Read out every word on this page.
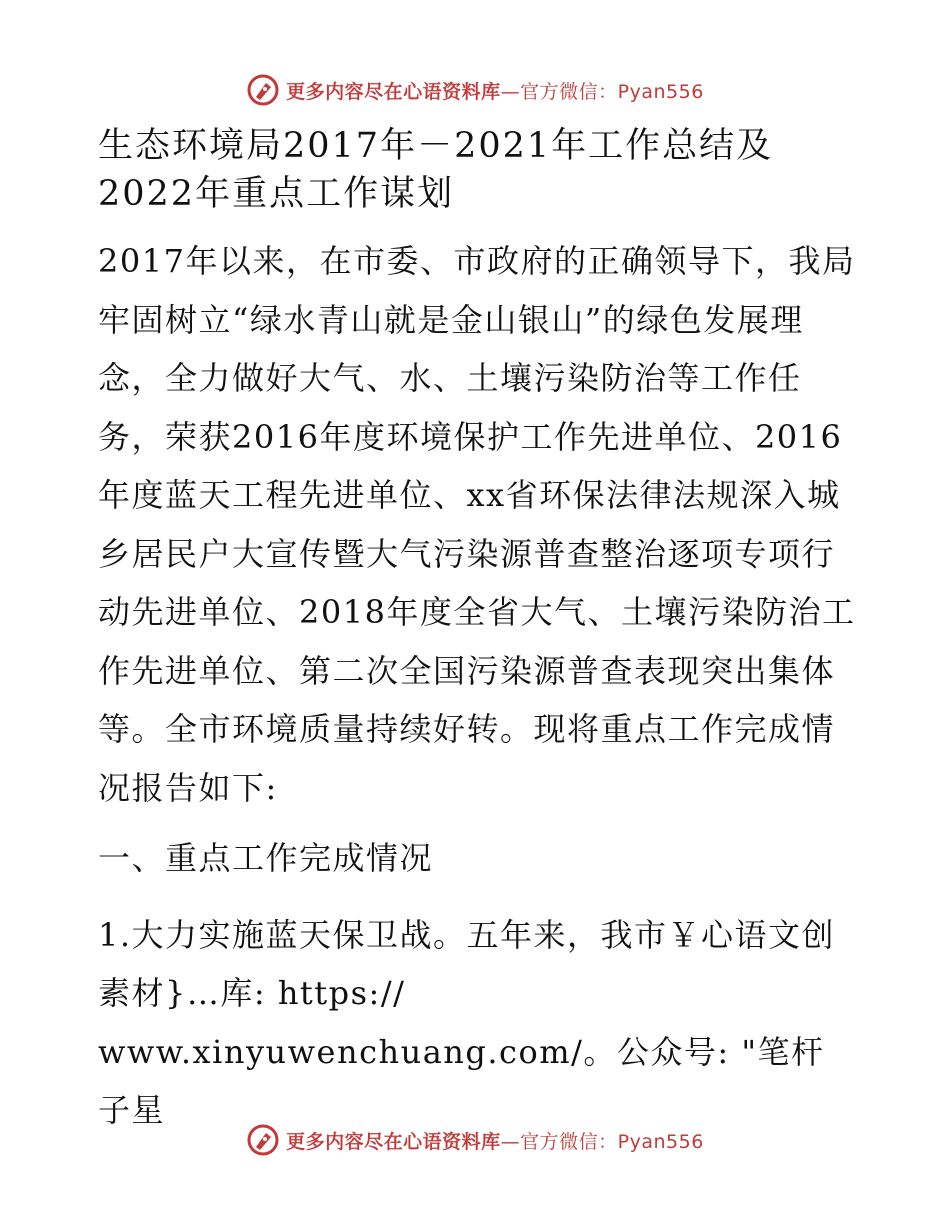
更多内容尽在心语资料库—官方微信：Pyan556
生态环境局2017年－2021年工作总结及2022年重点工作谋划

2017年以来，在市委、市政府的正确领导下，我局牢固树立“绿水青山就是金山银山”的绿色发展理念，全力做好大气、水、土壤污染防治等工作任务，荣获2016年度环境保护工作先进单位、2016年度蓝天工程先进单位、xx省环保法律法规深入城乡居民户大宣传暨大气污染源普查整治逐项专项行动先进单位、2018年度全省大气、土壤污染防治工作先进单位、第二次全国污染源普查表现突出集体等。全市环境质量持续好转。现将重点工作完成情况报告如下:

一、重点工作完成情况

1.大力实施蓝天保卫战。五年来，我市￥心语文创素材}…库: https://

www.xinyuwenchuang.com/。公众号: "笔杆子星

更多内容尽在心语资料库—官方微信：Pyan556
